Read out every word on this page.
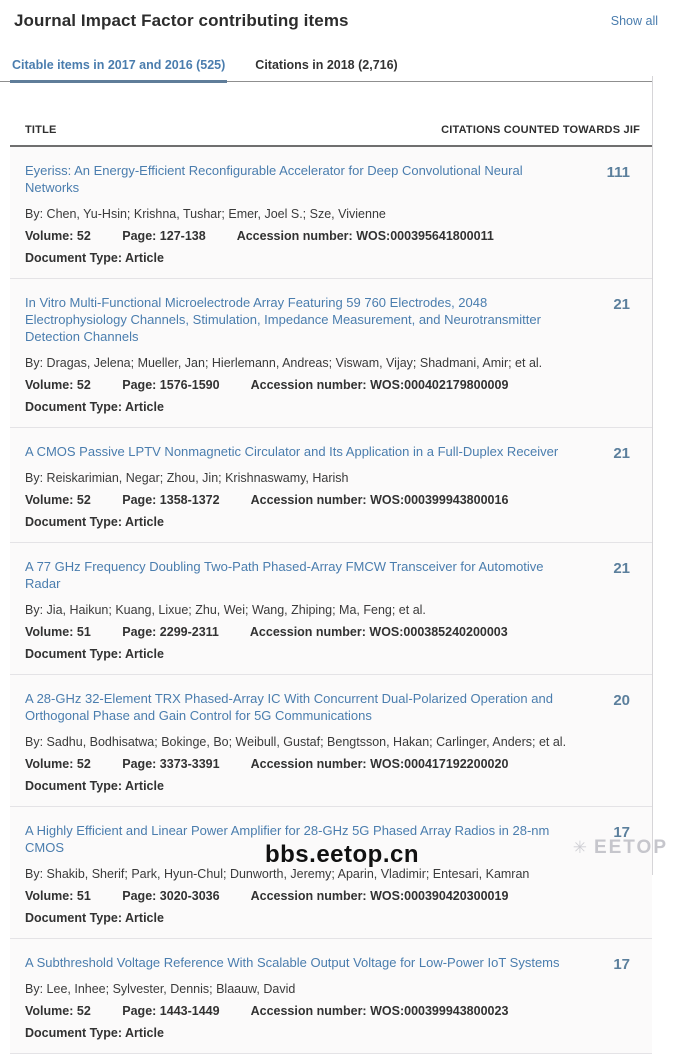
Journal Impact Factor contributing items	Show all
Citable items in 2017 and 2016 (525) Citations in 2018 (2,716)
TITLE	CITATIONS COUNTED TOWARDS JIF
Eyeriss: An Energy-Efficient Reconfigurable Accelerator for Deep Convolutional Neural Networks
By: Chen, Yu-Hsin; Krishna, Tushar; Emer, Joel S.; Sze, Vivienne
Volume: 52	Page: 127-138 Accession number: WOS:000395641800011
Document Type: Article
111
In Vitro Multi-Functional Microelectrode Array Featuring 59 760 Electrodes, 2048 Electrophysiology Channels, Stimulation, Impedance Measurement, and Neurotransmitter Detection Channels
By: Dragas, Jelena; Mueller, Jan; Hierlemann, Andreas; Viswam, Vijay; Shadmani, Amir; et al.
Volume: 52	Page: 1576-1590 Accession number: WOS:000402179800009
Document Type: Article
21
A CMOS Passive LPTV Nonmagnetic Circulator and Its Application in a Full-Duplex Receiver
By: Reiskarimian, Negar; Zhou, Jin; Krishnaswamy, Harish
Volume: 52	Page: 1358-1372 Accession number: WOS:000399943800016
Document Type: Article
21
A 77 GHz Frequency Doubling Two-Path Phased-Array FMCW Transceiver for Automotive Radar
By: Jia, Haikun; Kuang, Lixue; Zhu, Wei; Wang, Zhiping; Ma, Feng; et al.
Volume: 51	Page: 2299-2311 Accession number: WOS:000385240200003
Document Type: Article
21
A 28-GHz 32-Element TRX Phased-Array IC With Concurrent Dual-Polarized Operation and Orthogonal Phase and Gain Control for 5G Communications
By: Sadhu, Bodhisatwa; Bokinge, Bo; Weibull, Gustaf; Bengtsson, Hakan; Carlinger, Anders; et al.
Volume: 52	Page: 3373-3391 Accession number: WOS:000417192200020
Document Type: Article
20
A Highly Efficient and Linear Power Amplifier for 28-GHz 5G Phased Array Radios in 28-nm CMOS
By: Shakib, Sherif; Park, Hyun-Chul; Dunworth, Jeremy; Aparin, Vladimir; Entesari, Kamran
Volume: 51	Page: 3020-3036 Accession number: WOS:000390420300019
Document Type: Article
17
A Subthreshold Voltage Reference With Scalable Output Voltage for Low-Power IoT Systems
By: Lee, Inhee; Sylvester, Dennis; Blaauw, David
Volume: 52	Page: 1443-1449 Accession number: WOS:000399943800023
Document Type: Article
17
bbs.eetop.cn	✳ EETOP
